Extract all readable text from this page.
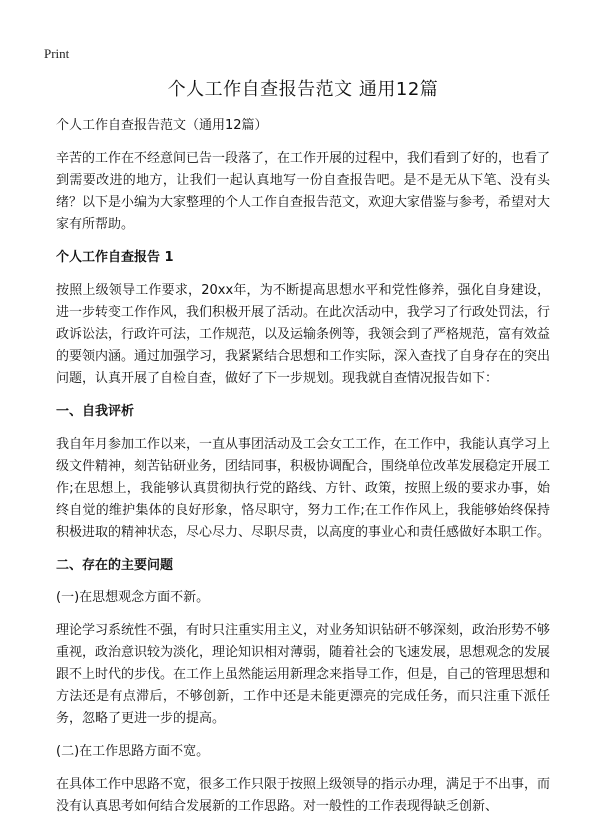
Print
个人工作自查报告范文 通用12篇
个人工作自查报告范文（通用12篇）

辛苦的工作在不经意间已告一段落了，在工作开展的过程中，我们看到了好的，也看了到需要改进的地方，让我们一起认真地写一份自查报告吧。是不是无从下笔、没有头绪？以下是小编为大家整理的个人工作自查报告范文，欢迎大家借鉴与参考，希望对大家有所帮助。

个人工作自查报告 1

按照上级领导工作要求，20xx年，为不断提高思想水平和党性修养，强化自身建设，进一步转变工作作风，我们积极开展了活动。在此次活动中，我学习了行政处罚法，行政诉讼法，行政许可法，工作规范，以及运输条例等，我领会到了严格规范，富有效益的要领内涵。通过加强学习，我紧紧结合思想和工作实际，深入查找了自身存在的突出问题，认真开展了自检自查，做好了下一步规划。现我就自查情况报告如下：

一、自我评析

我自年月参加工作以来，一直从事团活动及工会女工工作，在工作中，我能认真学习上级文件精神，刻苦钻研业务，团结同事，积极协调配合，围绕单位改革发展稳定开展工作;在思想上，我能够认真贯彻执行党的路线、方针、政策，按照上级的要求办事，始终自觉的维护集体的良好形象，恪尽职守，努力工作;在工作作风上，我能够始终保持积极进取的精神状态，尽心尽力、尽职尽责，以高度的事业心和责任感做好本职工作。

二、存在的主要问题
(一)在思想观念方面不新。

理论学习系统性不强，有时只注重实用主义，对业务知识钻研不够深刻，政治形势不够重视，政治意识较为淡化，理论知识相对薄弱，随着社会的飞速发展，思想观念的发展跟不上时代的步伐。在工作上虽然能运用新理念来指导工作，但是，自己的管理思想和方法还是有点滞后，不够创新，工作中还是未能更漂亮的完成任务，而只注重下派任务，忽略了更进一步的提高。

(二)在工作思路方面不宽。

在具体工作中思路不宽，很多工作只限于按照上级领导的指示办理，满足于不出事，而没有认真思考如何结合发展新的工作思路。对一般性的工作表现得缺乏创新、
